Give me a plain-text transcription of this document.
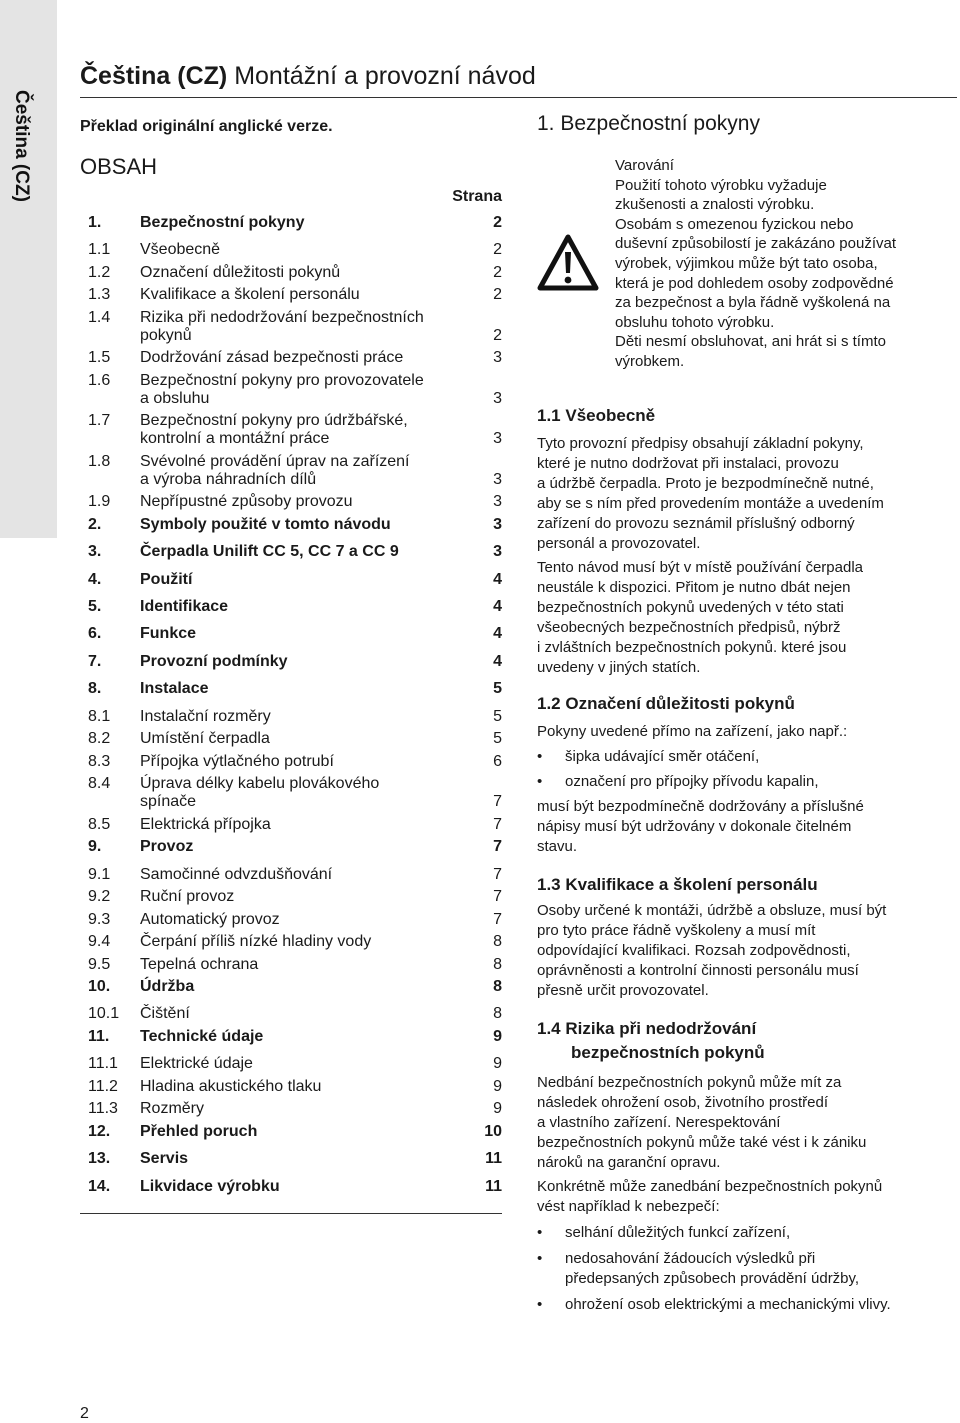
Čeština (CZ)
Čeština (CZ) Montážní a provozní návod

Překlad originální anglické verze.

OBSAH
Strana
1.	Bezpečnostní pokyny	2
1.1	Všeobecně	2
1.2	Označení důležitosti pokynů	2
1.3	Kvalifikace a školení personálu	2
1.4	Rizika při nedodržování bezpečnostních
pokynů	2
1.5	Dodržování zásad bezpečnosti práce	3
1.6	Bezpečnostní pokyny pro provozovatele
a obsluhu	3
1.7	Bezpečnostní pokyny pro údržbářské,
kontrolní a montážní práce	3
1.8	Svévolné provádění úprav na zařízení
a výroba náhradních dílů	3
1.9	Nepřípustné způsoby provozu	3
2.	Symboly použité v tomto návodu	3
3.	Čerpadla Unilift CC 5, CC 7 a CC 9	3
4.	Použití	4
5.	Identifikace	4
6.	Funkce	4
7.	Provozní podmínky	4
8.	Instalace	5
8.1	Instalační rozměry	5
8.2	Umístění čerpadla	5
8.3	Přípojka výtlačného potrubí	6
8.4	Úprava délky kabelu plovákového
spínače	7
8.5	Elektrická přípojka	7
9.	Provoz	7
9.1	Samočinné odvzdušňování	7
9.2	Ruční provoz	7
9.3	Automatický provoz	7
9.4	Čerpání příliš nízké hladiny vody	8
9.5	Tepelná ochrana	8
10.	Údržba	8
10.1	Čištění	8
11.	Technické údaje	9
11.1	Elektrické údaje	9
11.2	Hladina akustického tlaku	9
11.3	Rozměry	9
12.	Přehled poruch	10
13.	Servis	11
14.	Likvidace výrobku	11
1. Bezpečnostní pokyny

Varování

Použití tohoto výrobku vyžaduje
zkušenosti a znalosti výrobku.

Osobám s omezenou fyzickou nebo
duševní způsobilostí je zakázáno používat
výrobek, výjimkou může být tato osoba,
která je pod dohledem osoby zodpovědné
za bezpečnost a byla řádně vyškolená na
obsluhu tohoto výrobku.

Děti nesmí obsluhovat, ani hrát si s tímto
výrobkem.

1.1 Všeobecně

Tyto provozní předpisy obsahují základní pokyny,
které je nutno dodržovat při instalaci, provozu
a údržbě čerpadla. Proto je bezpodmínečně nutné,
aby se s ním před provedením montáže a uvedením
zařízení do provozu seznámil příslušný odborný
personál a provozovatel.

Tento návod musí být v místě používání čerpadla
neustále k dispozici. Přitom je nutno dbát nejen
bezpečnostních pokynů uvedených v této stati
všeobecných bezpečnostních předpisů, nýbrž
i zvláštních bezpečnostních pokynů. které jsou
uvedeny v jiných statích.

1.2 Označení důležitosti pokynů

Pokyny uvedené přímo na zařízení, jako např.:

•	šipka udávající směr otáčení,
•	označení pro přípojky přívodu kapalin,

musí být bezpodmínečně dodržovány a příslušné
nápisy musí být udržovány v dokonale čitelném
stavu.

1.3 Kvalifikace a školení personálu

Osoby určené k montáži, údržbě a obsluze, musí být
pro tyto práce řádně vyškoleny a musí mít
odpovídající kvalifikaci. Rozsah zodpovědnosti,
oprávněnosti a kontrolní činnosti personálu musí
přesně určit provozovatel.

1.4 Rizika při nedodržování
bezpečnostních pokynů

Nedbání bezpečnostních pokynů může mít za
následek ohrožení osob, životního prostředí
a vlastního zařízení. Nerespektování
bezpečnostních pokynů může také vést i k zániku
nároků na garanční opravu.

Konkrétně může zanedbání bezpečnostních pokynů
vést například k nebezpečí:

•	selhání důležitých funkcí zařízení,
•	nedosahování žádoucích výsledků při
předepsaných způsobech provádění údržby,
•	ohrožení osob elektrickými a mechanickými vlivy.
2
